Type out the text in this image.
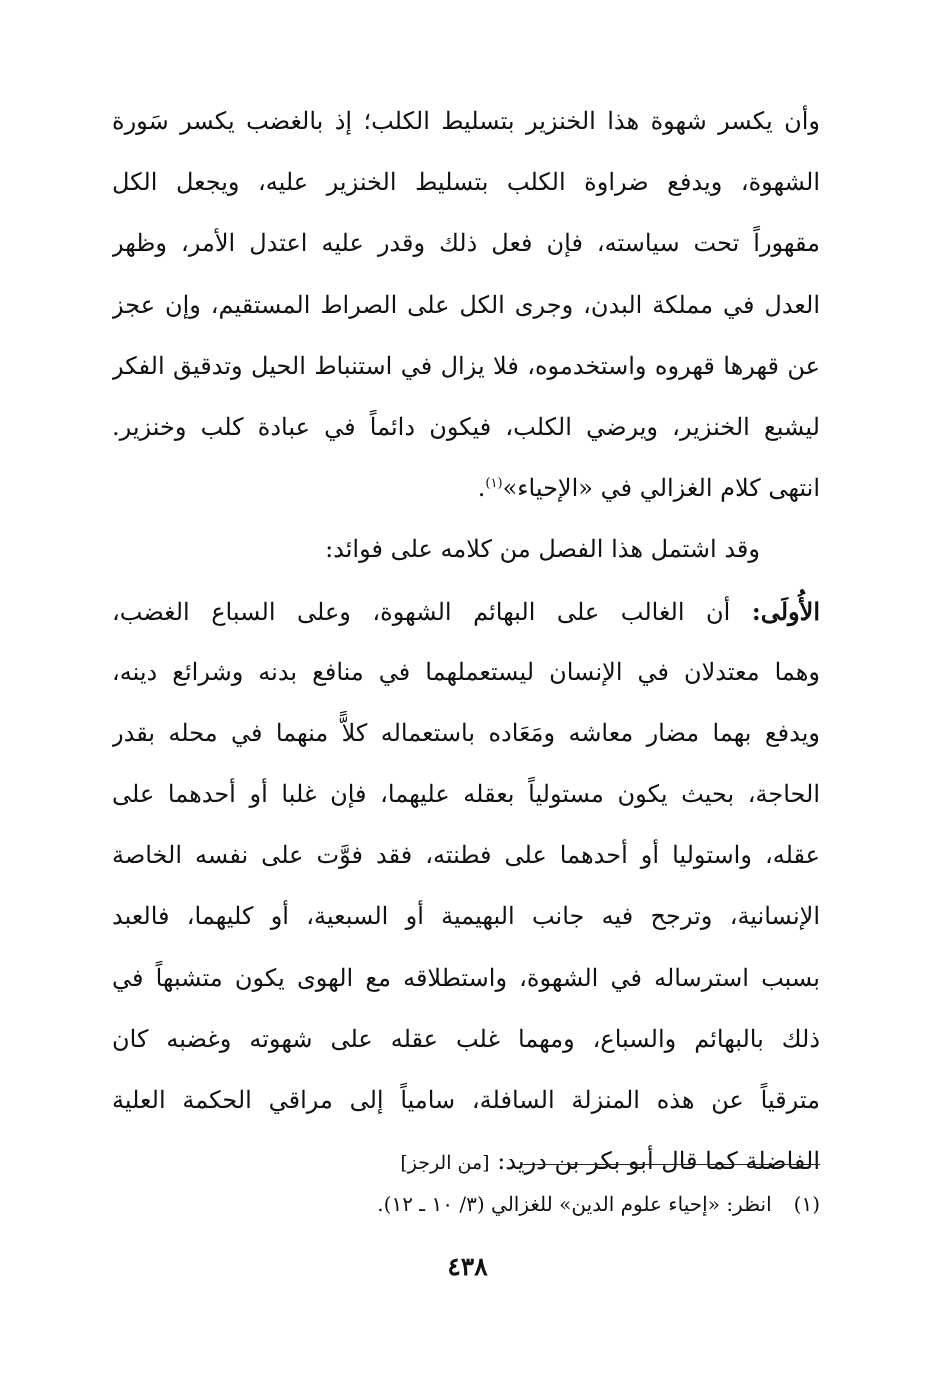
وأن يكسر شهوة هذا الخنزير بتسليط الكلب؛ إذ بالغضب يكسر سَورة
الشهوة، ويدفع ضراوة الكلب بتسليط الخنزير عليه، ويجعل الكل
مقهوراً تحت سياسته، فإن فعل ذلك وقدر عليه اعتدل الأمر، وظهر
العدل في مملكة البدن، وجرى الكل على الصراط المستقيم، وإن عجز
عن قهرها قهروه واستخدموه، فلا يزال في استنباط الحيل وتدقيق الفكر
ليشبع الخنزير، ويرضي الكلب، فيكون دائماً في عبادة كلب وخنزير.
انتهى كلام الغزالي في «الإحياء»$^{(١)}$.
وقد اشتمل هذا الفصل من كلامه على فوائد:
الأُولَى: أن الغالب على البهائم الشهوة، وعلى السباع الغضب،
وهما معتدلان في الإنسان ليستعملهما في منافع بدنه وشرائع دينه،
ويدفع بهما مضار معاشه ومَعَاده باستعماله كلاًّ منهما في محله بقدر
الحاجة، بحيث يكون مستولياً بعقله عليهما، فإن غلبا أو أحدهما على
عقله، واستوليا أو أحدهما على فطنته، فقد فوَّت على نفسه الخاصة
الإنسانية، وترجح فيه جانب البهيمية أو السبعية، أو كليهما، فالعبد
بسبب استرساله في الشهوة، واستطلاقه مع الهوى يكون متشبهاً في
ذلك بالبهائم والسباع، ومهما غلب عقله على شهوته وغضبه كان
مترقياً عن هذه المنزلة السافلة، سامياً إلى مراقي الحكمة العلية
الفاضلة كما قال أبو بكر بن دريد: [من الرجز]
(١)انظر: «إحياء علوم الدين» للغزالي (٣/ ١٠ ـ ١٢).
٤٣٨
